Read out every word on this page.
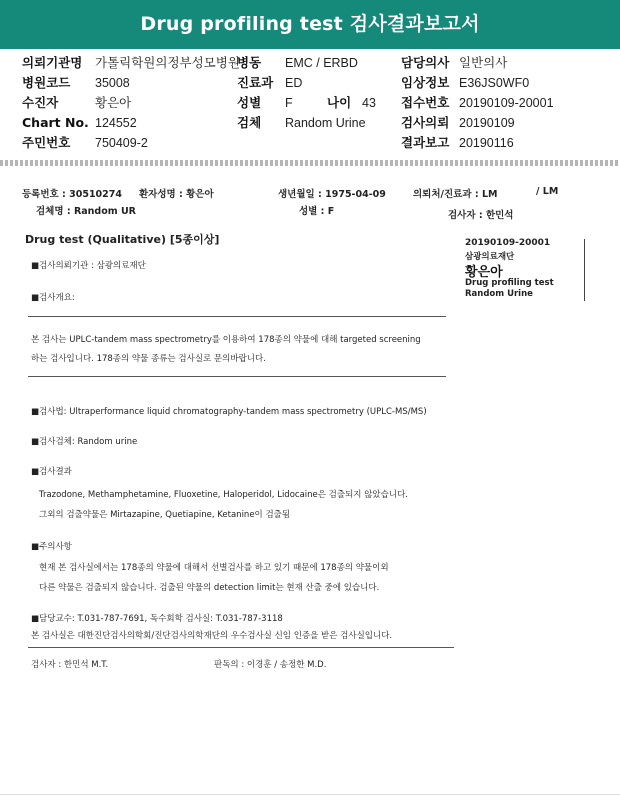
Drug profiling test 검사결과보고서
의뢰기관명 가톨릭학원의정부성모병원
병동 EMC / ERBD	담당의사 일반의사
병원코드 35008	진료과 ED	임상정보 E36JS0WF0
수진자	황은아	성별 F	나이 43 접수번호 20190109-20001
Chart No. 124552	검체 Random Urine	검사의뢰 20190109
주민번호 750409-2	결과보고 20190116
등록번호 : 30510274 환자성명 : 황은아	생년월일 : 1975-04-09	의뢰처/진료과 : LM	/ LM
검체명 : Random UR	성별 : F	검사자 : 한민석
Drug test (Qualitative) [5종이상]	20190109-20001
삼광의료재단
황은아
Drug profiling test
Random Urine
■검사의뢰기관 : 삼광의료재단
■검사개요:
본 검사는 UPLC-tandem mass spectrometry를 이용하여 178종의 약물에 대해 targeted screening
하는 검사입니다. 178종의 약물 종류는 검사실로 문의바랍니다.
■검사법: Ultraperformance liquid chromatography-tandem mass spectrometry (UPLC-MS/MS)
■검사검체: Random urine
■검사결과
Trazodone, Methamphetamine, Fluoxetine, Haloperidol, Lidocaine은 검출되지 않았습니다.
그외의 검출약물은 Mirtazapine, Quetiapine, Ketanine이 검출됨
■주의사항
현재 본 검사실에서는 178종의 약물에 대해서 선별검사를 하고 있기 때문에 178종의 약물이외
다른 약물은 검출되지 않습니다. 검출된 약물의 detection limit는 현재 산출 중에 있습니다.
■담당교수: T.031-787-7691, 독수회학 검사실: T.031-787-3118
본 검사실은 대한진단검사의학회/진단검사의학재단의 우수검사실 신임 인증을 받은 검사실입니다.
검사자 : 한민석 M.T.	판독의 : 이경훈 / 송정한 M.D.
